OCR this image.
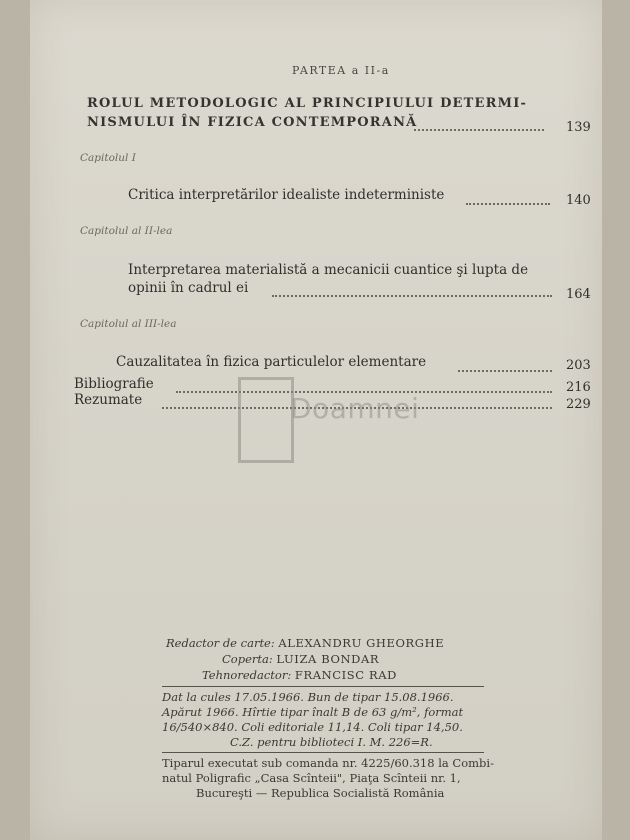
PARTEA a II-a
ROLUL METODOLOGIC AL PRINCIPIULUI DETERMI-
NISMULUI ÎN FIZICA CONTEMPORANĂ	139
Capitolul I
Critica interpretărilor idealiste indeterministe	140
Capitolul al II-lea
Interpretarea materialistă a mecanicii cuantice şi lupta de
opinii în cadrul ei	164
Capitolul al III-lea
Cauzalitatea în fizica particulelor elementare	203
Bibliografie	216
Rezumate	229
Doamnei
Redactor de carte: ALEXANDRU GHEORGHE
Coperta: LUIZA BONDAR
Tehnoredactor: FRANCISC RAD
Dat la cules 17.05.1966. Bun de tipar 15.08.1966.
Apărut 1966. Hîrtie tipar înalt B de 63 g/m², format
16/540×840. Coli editoriale 11,14. Coli tipar 14,50.
C.Z. pentru biblioteci I. M. 226=R.
Tiparul executat sub comanda nr. 4225/60.318 la Combi-
natul Poligrafic „Casa Scînteii", Piaţa Scînteii nr. 1,
Bucureşti — Republica Socialistă România
